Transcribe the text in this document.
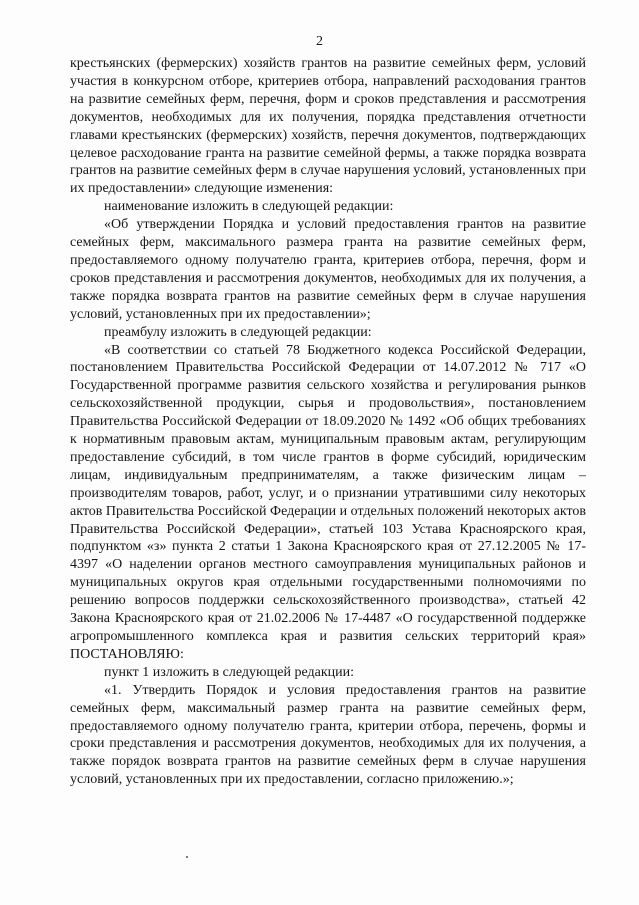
2

крестьянских (фермерских) хозяйств грантов на развитие семейных ферм, условий участия в конкурсном отборе, критериев отбора, направлений расходования грантов на развитие семейных ферм, перечня, форм и сроков представления и рассмотрения документов, необходимых для их получения, порядка представления отчетности главами крестьянских (фермерских) хозяйств, перечня документов, подтверждающих целевое расходование гранта на развитие семейной фермы, а также порядка возврата грантов на развитие семейных ферм в случае нарушения условий, установленных при их предоставлении» следующие изменения:

наименование изложить в следующей редакции:

«Об утверждении Порядка и условий предоставления грантов на развитие семейных ферм, максимального размера гранта на развитие семейных ферм, предоставляемого одному получателю гранта, критериев отбора, перечня, форм и сроков представления и рассмотрения документов, необходимых для их получения, а также порядка возврата грантов на развитие семейных ферм в случае нарушения условий, установленных при их предоставлении»;

преамбулу изложить в следующей редакции:

«В соответствии со статьей 78 Бюджетного кодекса Российской Федерации, постановлением Правительства Российской Федерации от 14.07.2012 № 717 «О Государственной программе развития сельского хозяйства и регулирования рынков сельскохозяйственной продукции, сырья и продовольствия», постановлением Правительства Российской Федерации от 18.09.2020 № 1492 «Об общих требованиях к нормативным правовым актам, муниципальным правовым актам, регулирующим предоставление субсидий, в том числе грантов в форме субсидий, юридическим лицам, индивидуальным предпринимателям, а также физическим лицам – производителям товаров, работ, услуг, и о признании утратившими силу некоторых актов Правительства Российской Федерации и отдельных положений некоторых актов Правительства Российской Федерации», статьей 103 Устава Красноярского края, подпунктом «з» пункта 2 статьи 1 Закона Красноярского края от 27.12.2005 № 17-4397 «О наделении органов местного самоуправления муниципальных районов и муниципальных округов края отдельными государственными полномочиями по решению вопросов поддержки сельскохозяйственного производства», статьей 42 Закона Красноярского края от 21.02.2006 № 17-4487 «О государственной поддержке агропромышленного комплекса края и развития сельских территорий края» ПОСТАНОВЛЯЮ:

пункт 1 изложить в следующей редакции:

«1. Утвердить Порядок и условия предоставления грантов на развитие семейных ферм, максимальный размер гранта на развитие семейных ферм, предоставляемого одному получателю гранта, критерии отбора, перечень, формы и сроки представления и рассмотрения документов, необходимых для их получения, а также порядок возврата грантов на развитие семейных ферм в случае нарушения условий, установленных при их предоставлении, согласно приложению.»;
